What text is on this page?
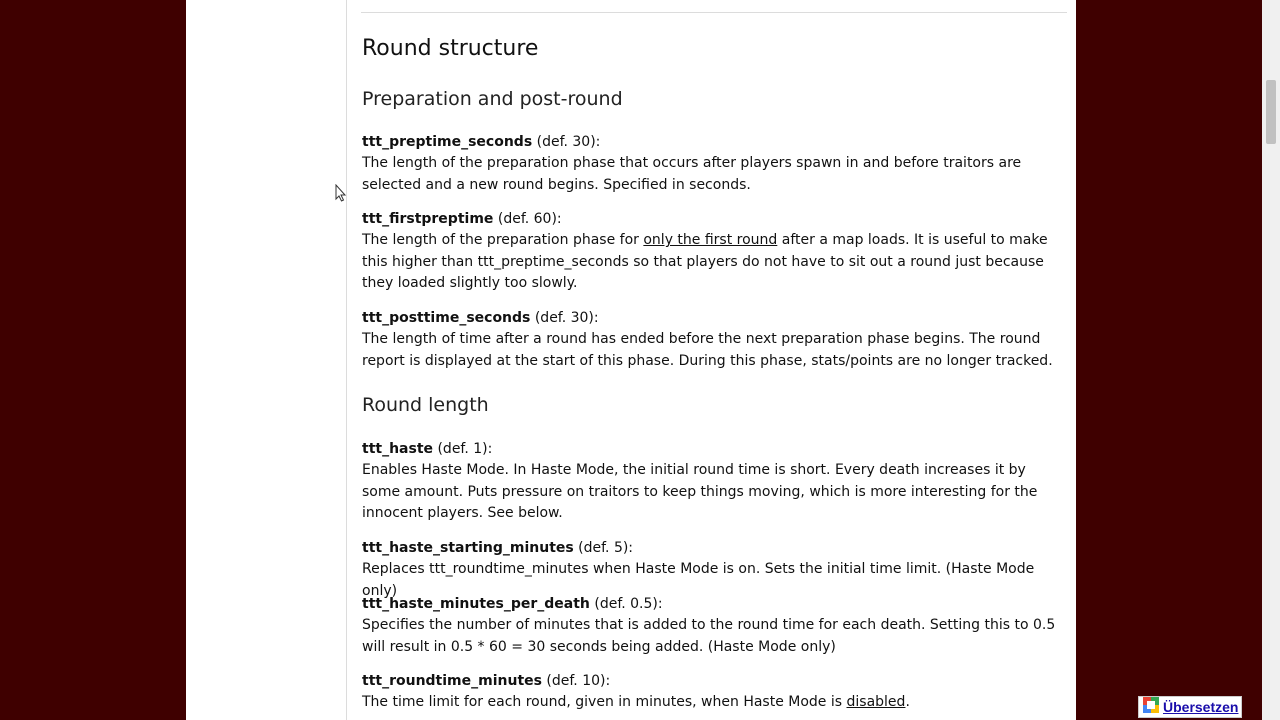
Round structure
Preparation and post-round

ttt_preptime_seconds (def. 30):

The length of the preparation phase that occurs after players spawn in and before traitors are selected and a new round begins. Specified in seconds.

ttt_firstpreptime (def. 60):

The length of the preparation phase for only the first round after a map loads. It is useful to make this higher than ttt_preptime_seconds so that players do not have to sit out a round just because they loaded slightly too slowly.

ttt_posttime_seconds (def. 30):

The length of time after a round has ended before the next preparation phase begins. The round report is displayed at the start of this phase. During this phase, stats/points are no longer tracked.

Round length

ttt_haste (def. 1):

Enables Haste Mode. In Haste Mode, the initial round time is short. Every death increases it by some amount. Puts pressure on traitors to keep things moving, which is more interesting for the innocent players. See below.

ttt_haste_starting_minutes (def. 5):

Replaces ttt_roundtime_minutes when Haste Mode is on. Sets the initial time limit. (Haste Mode only)

ttt_haste_minutes_per_death (def. 0.5):

Specifies the number of minutes that is added to the round time for each death. Setting this to 0.5 will result in 0.5 * 60 = 30 seconds being added. (Haste Mode only)

ttt_roundtime_minutes (def. 10):

The time limit for each round, given in minutes, when Haste Mode is disabled.	Übersetzen
